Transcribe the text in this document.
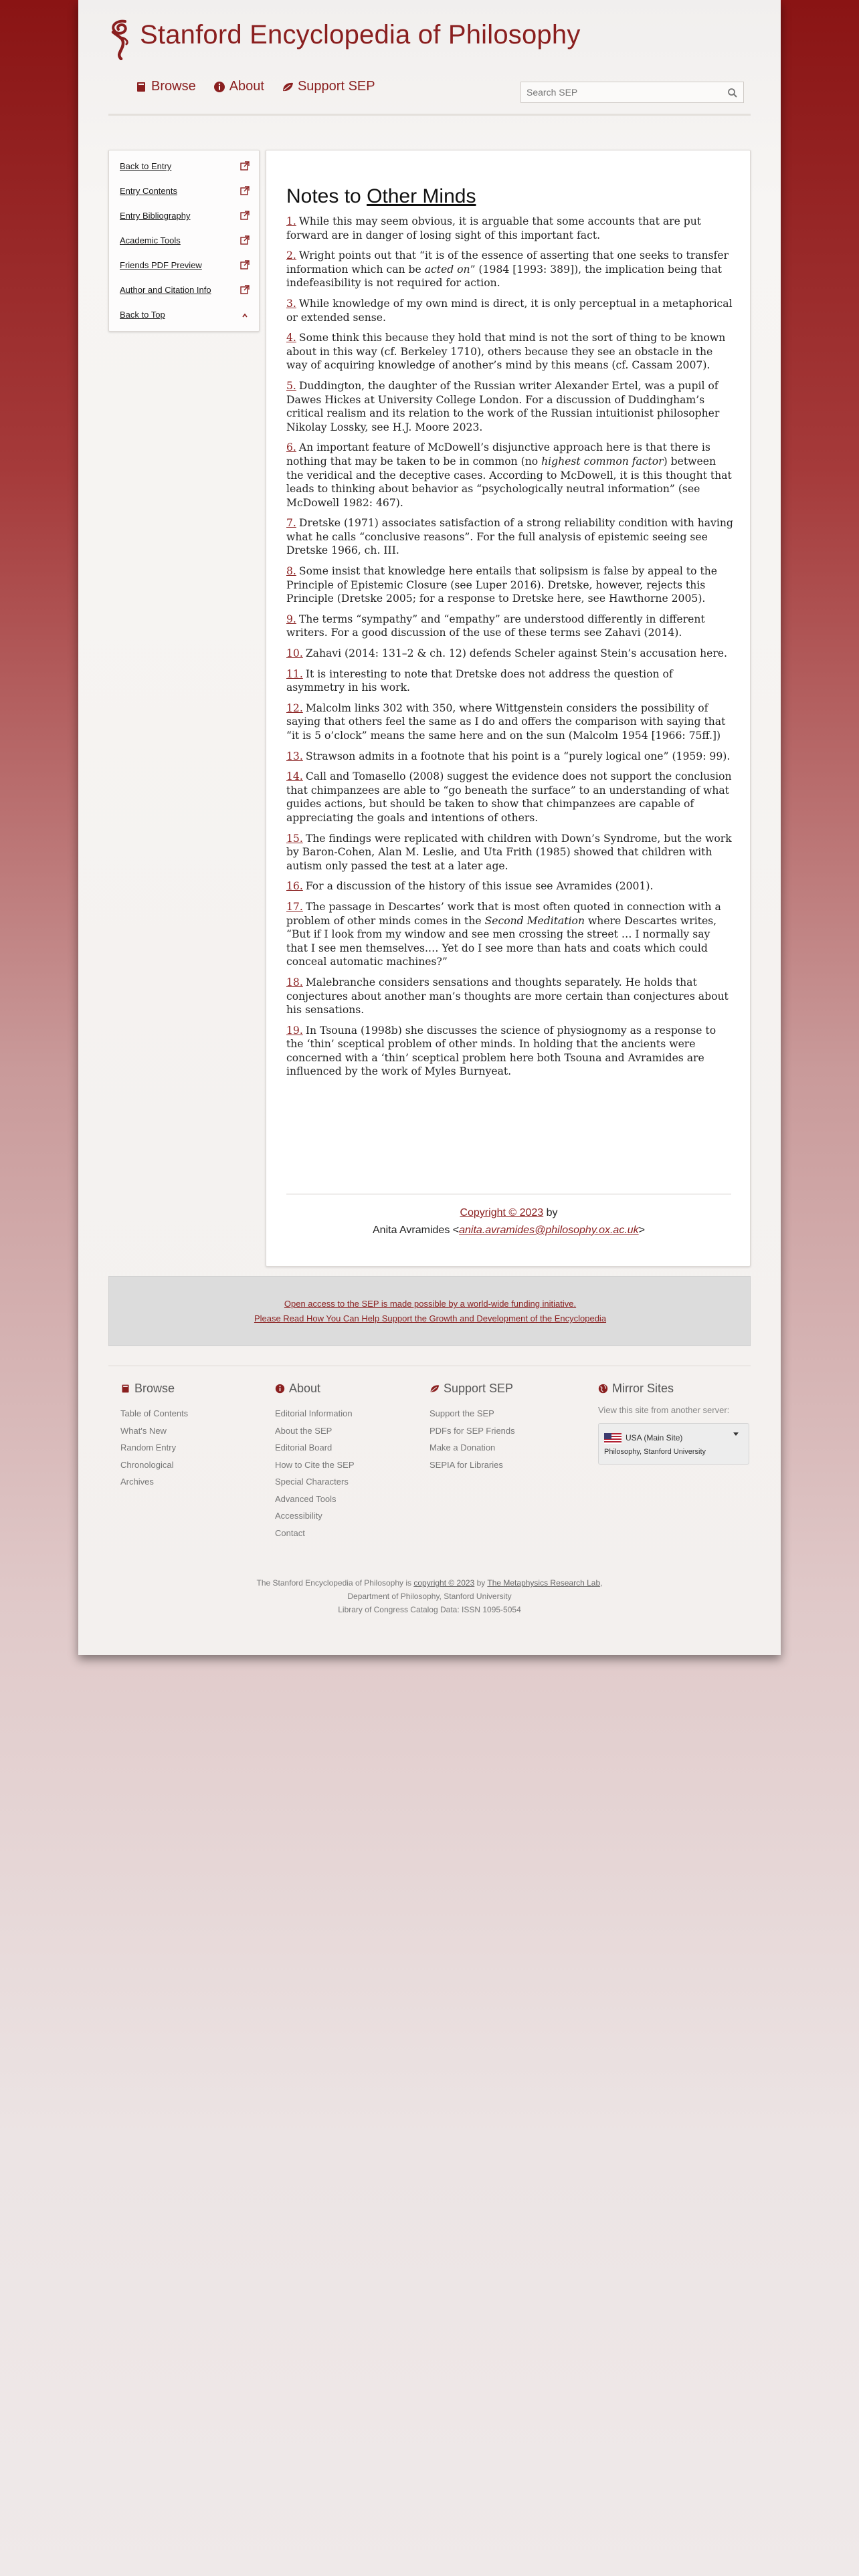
Stanford Encyclopedia of Philosophy
Browse	About	Support SEP
Search SEP
Back to Entry
Entry Contents
Entry Bibliography
Academic Tools
Friends PDF Preview
Author and Citation Info
Back to Top
Notes to Other Minds

1. While this may seem obvious, it is arguable that some accounts that are put forward are in danger of losing sight of this important fact.

2. Wright points out that “it is of the essence of asserting that one seeks to transfer information which can be acted on” (1984 [1993: 389]), the implication being that indefeasibility is not required for action.

3. While knowledge of my own mind is direct, it is only perceptual in a metaphorical or extended sense.

4. Some think this because they hold that mind is not the sort of thing to be known about in this way (cf. Berkeley 1710), others because they see an obstacle in the way of acquiring knowledge of another’s mind by this means (cf. Cassam 2007).

5. Duddington, the daughter of the Russian writer Alexander Ertel, was a pupil of Dawes Hickes at University College London. For a discussion of Duddingham’s critical realism and its relation to the work of the Russian intuitionist philosopher Nikolay Lossky, see H.J. Moore 2023.

6. An important feature of McDowell’s disjunctive approach here is that there is nothing that may be taken to be in common (no highest common factor) between the veridical and the deceptive cases. According to McDowell, it is this thought that leads to thinking about behavior as “psychologically neutral information” (see McDowell 1982: 467).

7. Dretske (1971) associates satisfaction of a strong reliability condition with having what he calls “conclusive reasons”. For the full analysis of epistemic seeing see Dretske 1966, ch. III.

8. Some insist that knowledge here entails that solipsism is false by appeal to the Principle of Epistemic Closure (see Luper 2016). Dretske, however, rejects this Principle (Dretske 2005; for a response to Dretske here, see Hawthorne 2005).

9. The terms “sympathy” and “empathy” are understood differently in different writers. For a good discussion of the use of these terms see Zahavi (2014).

10. Zahavi (2014: 131–2 & ch. 12) defends Scheler against Stein’s accusation here.

11. It is interesting to note that Dretske does not address the question of asymmetry in his work.

12. Malcolm links 302 with 350, where Wittgenstein considers the possibility of saying that others feel the same as I do and offers the comparison with saying that “it is 5 o’clock” means the same here and on the sun (Malcolm 1954 [1966: 75ff.])

13. Strawson admits in a footnote that his point is a “purely logical one” (1959: 99).

14. Call and Tomasello (2008) suggest the evidence does not support the conclusion that chimpanzees are able to “go beneath the surface” to an understanding of what guides actions, but should be taken to show that chimpanzees are capable of appreciating the goals and intentions of others.

15. The findings were replicated with children with Down’s Syndrome, but the work by Baron-Cohen, Alan M. Leslie, and Uta Frith (1985) showed that children with autism only passed the test at a later age.

16. For a discussion of the history of this issue see Avramides (2001).

17. The passage in Descartes’ work that is most often quoted in connection with a problem of other minds comes in the Second Meditation where Descartes writes, “But if I look from my window and see men crossing the street … I normally say that I see men themselves.… Yet do I see more than hats and coats which could conceal automatic machines?”

18. Malebranche considers sensations and thoughts separately. He holds that conjectures about another man’s thoughts are more certain than conjectures about his sensations.

19. In Tsouna (1998b) she discusses the science of physiognomy as a response to the ‘thin’ sceptical problem of other minds. In holding that the ancients were concerned with a ‘thin’ sceptical problem here both Tsouna and Avramides are influenced by the work of Myles Burnyeat.

Copyright © 2023 by
Anita Avramides <anita.avramides@philosophy.ox.ac.uk>
Open access to the SEP is made possible by a world-wide funding initiative.
Please Read How You Can Help Support the Growth and Development of the Encyclopedia
Browse
Table of Contents
What's New
Random Entry
Chronological
Archives
About
Editorial Information
About the SEP
Editorial Board
How to Cite the SEP
Special Characters
Advanced Tools
Accessibility
Contact
Support SEP
Support the SEP
PDFs for SEP Friends
Make a Donation
SEPIA for Libraries
Mirror Sites
View this site from another server:
USA (Main Site)
Philosophy, Stanford University
The Stanford Encyclopedia of Philosophy is copyright © 2023 by The Metaphysics Research Lab,
Department of Philosophy, Stanford University
Library of Congress Catalog Data: ISSN 1095-5054
